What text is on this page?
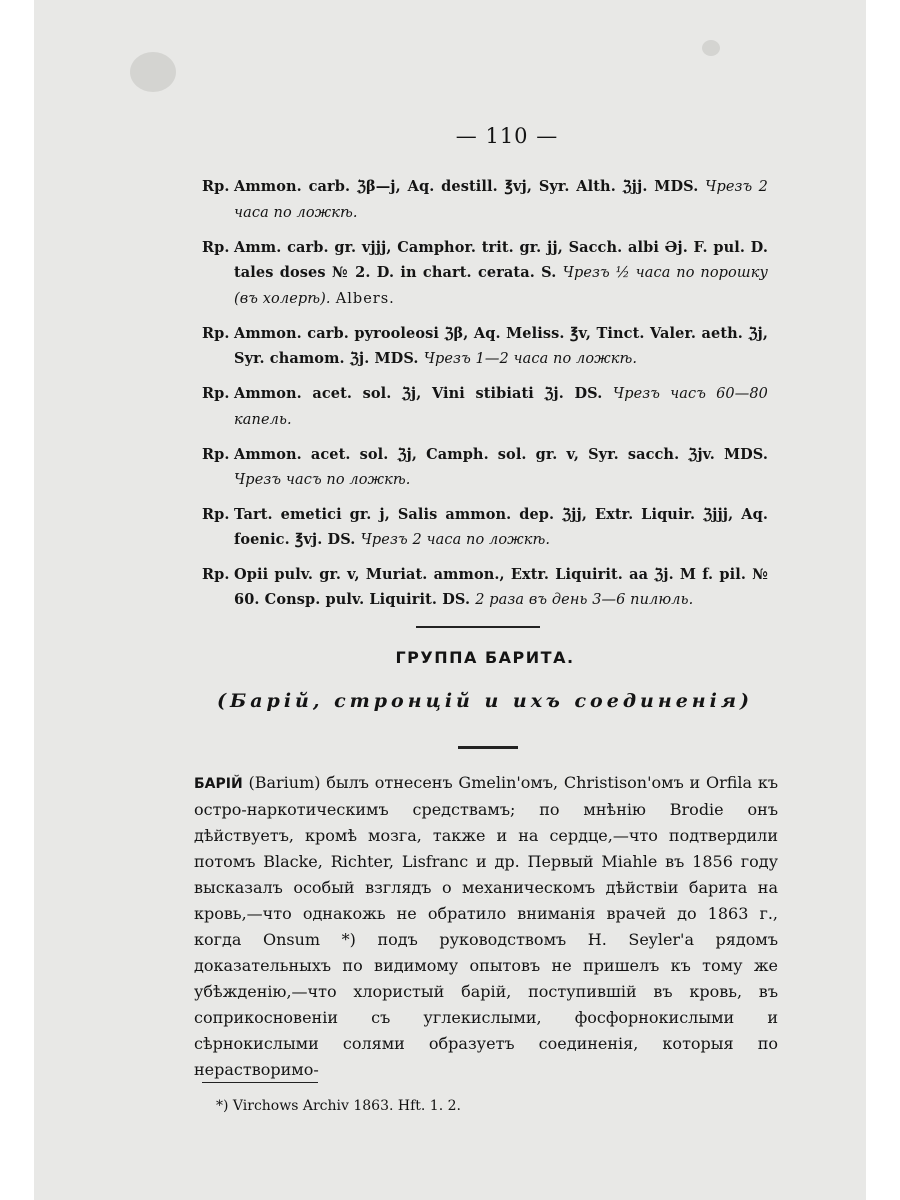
— 110 —
Rp. Ammon. carb. ℨβ—j, Aq. destill. ℥vj, Syr. Alth. ℨjj. MDS. Чрезъ 2 часа по ложкѣ.
Rp. Amm. carb. gr. vjjj, Camphor. trit. gr. jj, Sacch. albi Əj. F. pul. D. tales doses № 2. D. in chart. cerata. S. Чрезъ ½ часа по порошку (въ холерѣ). Albers.
Rp. Ammon. carb. pyrooleosi ℨβ, Aq. Meliss. ℥v, Tinct. Valer. aeth. ℨj, Syr. chamom. ℨj. MDS. Чрезъ 1—2 часа по ложкѣ.
Rp. Ammon. acet. sol. ℨj, Vini stibiati ℨj. DS. Чрезъ часъ 60—80 капель.
Rp. Ammon. acet. sol. ℨj, Camph. sol. gr. v, Syr. sacch. ℨjv. MDS. Чрезъ часъ по ложкѣ.
Rp. Tart. emetici gr. j, Salis ammon. dep. ℨjj, Extr. Liquir. ℨjjj, Aq. foenic. ℥vj. DS. Чрезъ 2 часа по ложкѣ.
Rp. Opii pulv. gr. v, Muriat. ammon., Extr. Liquirit. aa ℨj. M f. pil. № 60. Consp. pulv. Liquirit. DS. 2 раза въ день 3—6 пилюль.
ГРУППА БАРИТА.
(Барій, стронцій и ихъ соединенія)
БАРІЙ (Barium) былъ отнесенъ Gmelin'омъ, Christison'омъ и Orfila къ остро-наркотическимъ средствамъ; по мнѣнію Brodie онъ дѣйствуетъ, кромѣ мозга, также и на сердце,—что подтвердили потомъ Blacke, Richter, Lisfranc и др. Первый Miahle въ 1856 году высказалъ особый взглядъ о механическомъ дѣйствіи барита на кровь,—что однакожь не обратило вниманія врачей до 1863 г., когда Onsum *) подъ руководствомъ H. Seyler'а рядомъ доказательныхъ по видимому опытовъ не пришелъ къ тому же убѣжденію,—что хлористый барій, поступившій въ кровь, въ соприкосновеніи съ углекислыми, фосфорнокислыми и сѣрнокислыми солями образуетъ соединенія, которыя по нерастворимо-
*) Virchows Archiv 1863. Hft. 1. 2.
